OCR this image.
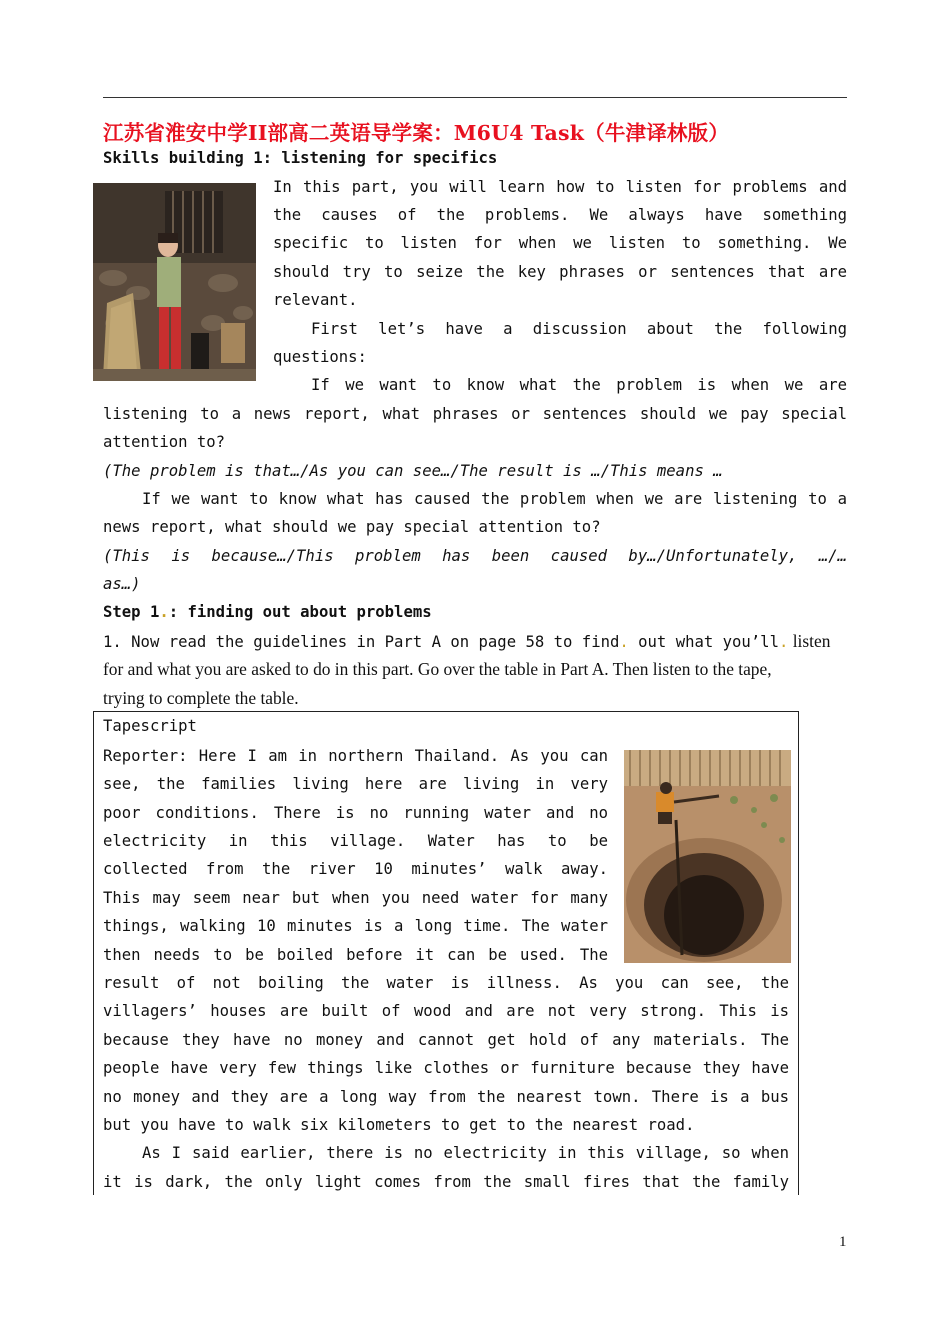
江苏省淮安中学II部高二英语导学案：M6U4 Task（牛津译林版）
Skills building 1: listening for specifics
In this part, you will learn how to listen for problems and
the causes of the problems. We always have something
specific to listen for when we listen to something. We
should try to seize the key phrases or sentences that are
relevant.
First let’s have a discussion about the following
questions:
If we want to know what the problem is when we are
listening to a news report, what phrases or sentences should we pay special
attention to?
(The problem is that…/As you can see…/The result is …/This means …
If we want to know what has caused the problem when we are listening to a
news report, what should we pay special attention to?
(This is because…/This problem has been caused by…/Unfortunately, …/…
as…)
Step 1.: finding out about problems
1. Now read the guidelines in Part A on page 58 to find. out what you’ll. listen
for and what you are asked to do in this part. Go over the table in Part A. Then listen to the tape,
trying to complete the table.
Tapescript
Reporter: Here I am in northern Thailand. As you can
see, the families living here are living in very
poor conditions. There is no running water and no
electricity in this village. Water has to be
collected from the river 10 minutes’ walk away.
This may seem near but when you need water for many
things, walking 10 minutes is a long time. The water
then needs to be boiled before it can be used. The
result of not boiling the water is illness. As you can see, the
villagers’ houses are built of wood and are not very strong. This is
because they have no money and cannot get hold of any materials. The
people have very few things like clothes or furniture because they have
no money and they are a long way from the nearest town. There is a bus
but you have to walk six kilometers to get to the nearest road.
As I said earlier, there is no electricity in this village, so when
it is dark, the only light comes from the small fires that the family
1
